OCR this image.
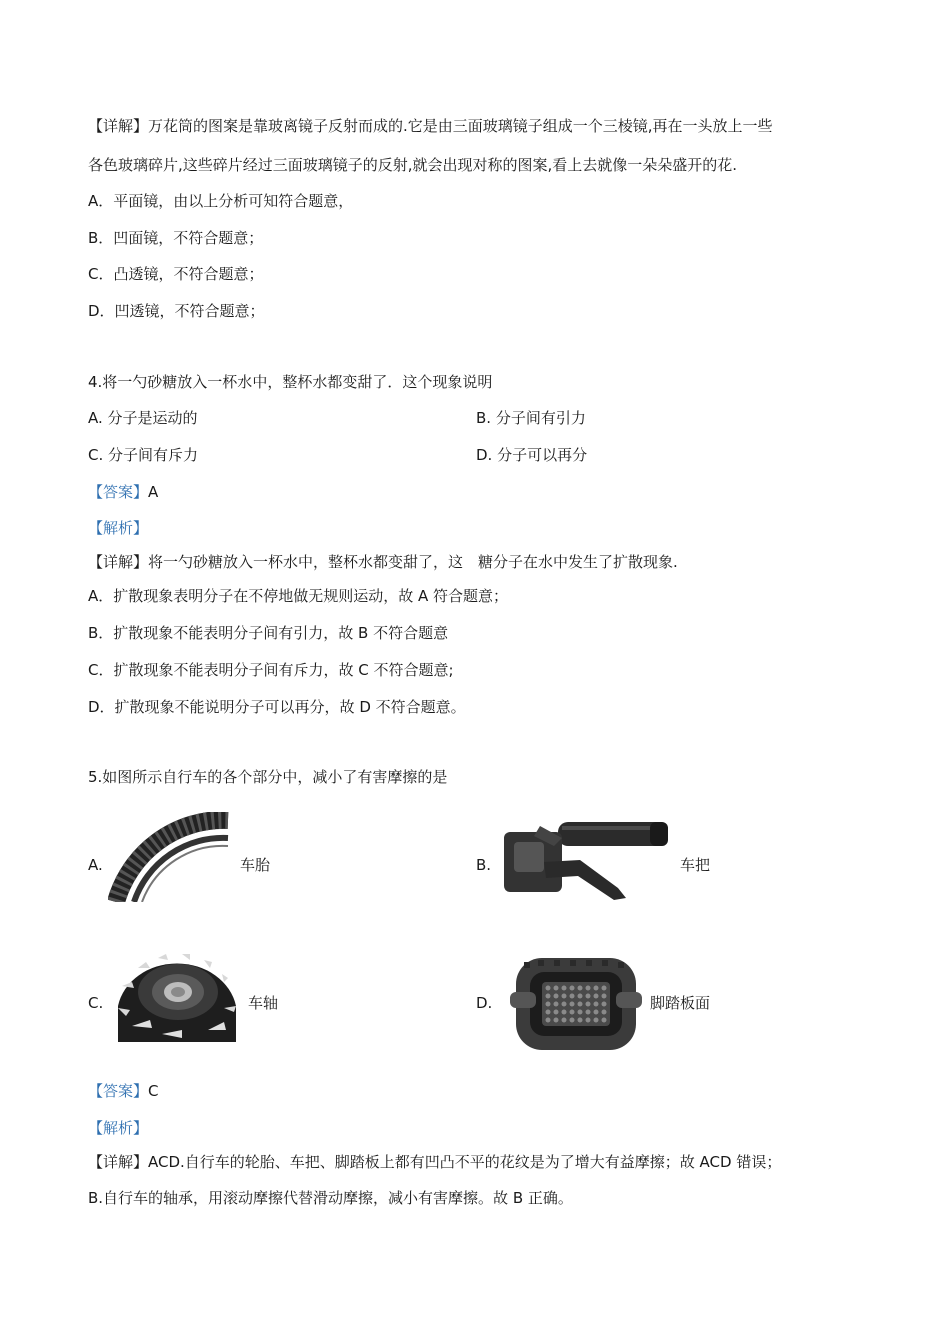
【详解】万花筒的图案是靠玻离镜子反射而成的.它是由三面玻璃镜子组成一个三棱镜,再在一头放上一些
各色玻璃碎片,这些碎片经过三面玻璃镜子的反射,就会出现对称的图案,看上去就像一朵朵盛开的花.
A．平面镜，由以上分析可知符合题意，
B．凹面镜，不符合题意；
C．凸透镜，不符合题意；
D．凹透镜，不符合题意；
4.将一勺砂糖放入一杯水中，整杯水都变甜了．这个现象说明
A. 分子是运动的	B. 分子间有引力
C. 分子间有斥力	D. 分子可以再分
【答案】A
【解析】
【详解】将一勺砂糖放入一杯水中，整杯水都变甜了，这　糖分子在水中发生了扩散现象.
A．扩散现象表明分子在不停地做无规则运动，故 A 符合题意；
B．扩散现象不能表明分子间有引力，故 B 不符合题意
C．扩散现象不能表明分子间有斥力，故 C 不符合题意;
D．扩散现象不能说明分子可以再分，故 D 不符合题意。
5.如图所示自行车的各个部分中，减小了有害摩擦的是
A.	车胎	B.	车把
C.	车轴	D.	脚踏板面
【答案】C
【解析】
【详解】ACD.自行车的轮胎、车把、脚踏板上都有凹凸不平的花纹是为了增大有益摩擦；故 ACD 错误；
B.自行车的轴承，用滚动摩擦代替滑动摩擦，减小有害摩擦。故 B 正确。
